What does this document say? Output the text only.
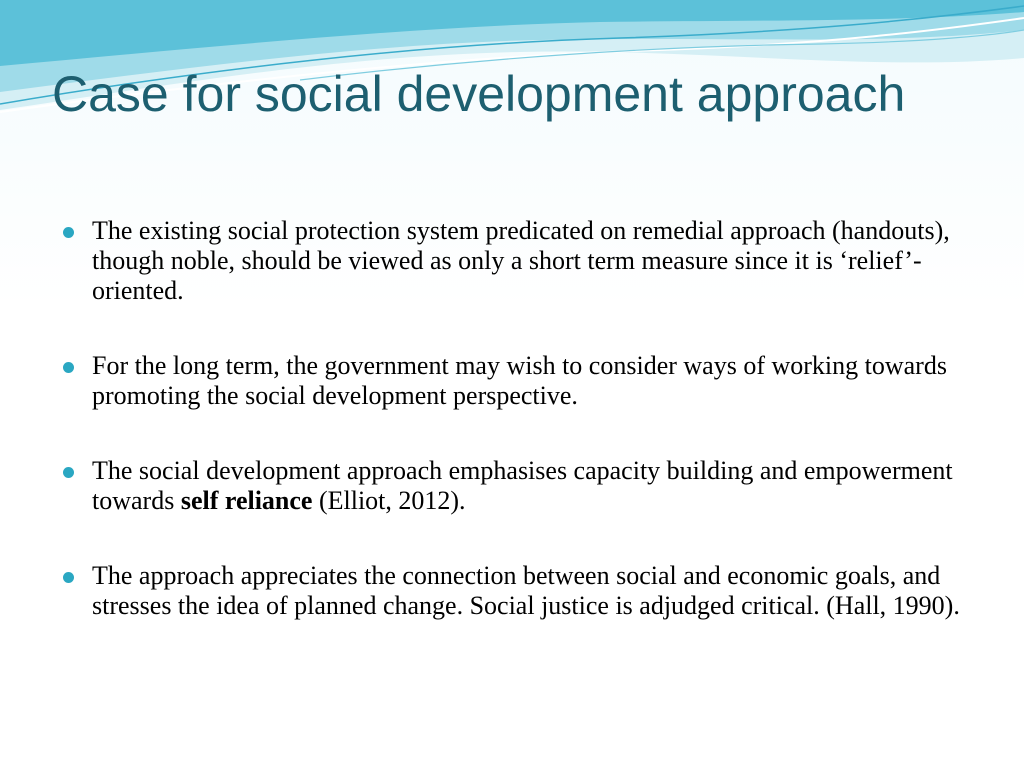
Case for social development approach
The existing social protection system predicated on remedial approach (handouts), though noble, should be viewed as only a short term measure since it is ‘relief’-oriented.
For the long term, the government may wish to consider ways of working towards promoting the social development perspective.
The social development approach emphasises capacity building and empowerment towards self reliance (Elliot, 2012).
The approach appreciates the connection between social and economic goals, and stresses the idea of planned change. Social justice is adjudged critical. (Hall, 1990).
